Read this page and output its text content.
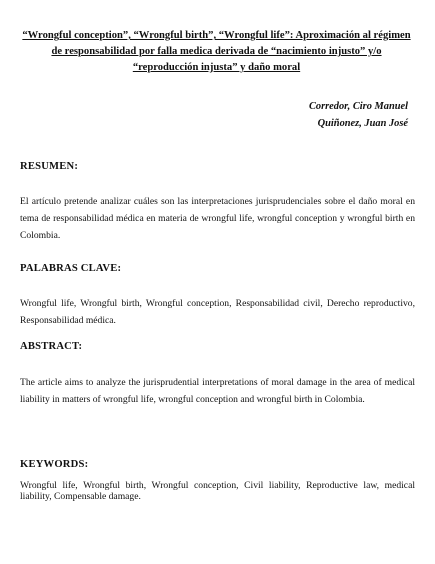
“Wrongful conception”, “Wrongful birth”, “Wrongful life”: Aproximación al régimen de responsabilidad por falla medica derivada de “nacimiento injusto” y/o “reproducción injusta” y daño moral
Corredor, Ciro Manuel
Quiñonez, Juan José
RESUMEN:
El artículo pretende analizar cuáles son las interpretaciones jurisprudenciales sobre el daño moral en tema de responsabilidad médica en materia de wrongful life, wrongful conception y wrongful birth en Colombia.
PALABRAS CLAVE:
Wrongful life, Wrongful birth, Wrongful conception, Responsabilidad civil, Derecho reproductivo, Responsabilidad médica.
ABSTRACT:
The article aims to analyze the jurisprudential interpretations of moral damage in the area of medical liability in matters of wrongful life, wrongful conception and wrongful birth in Colombia.
KEYWORDS:
Wrongful life, Wrongful birth, Wrongful conception, Civil liability, Reproductive law, medical liability, Compensable damage.
